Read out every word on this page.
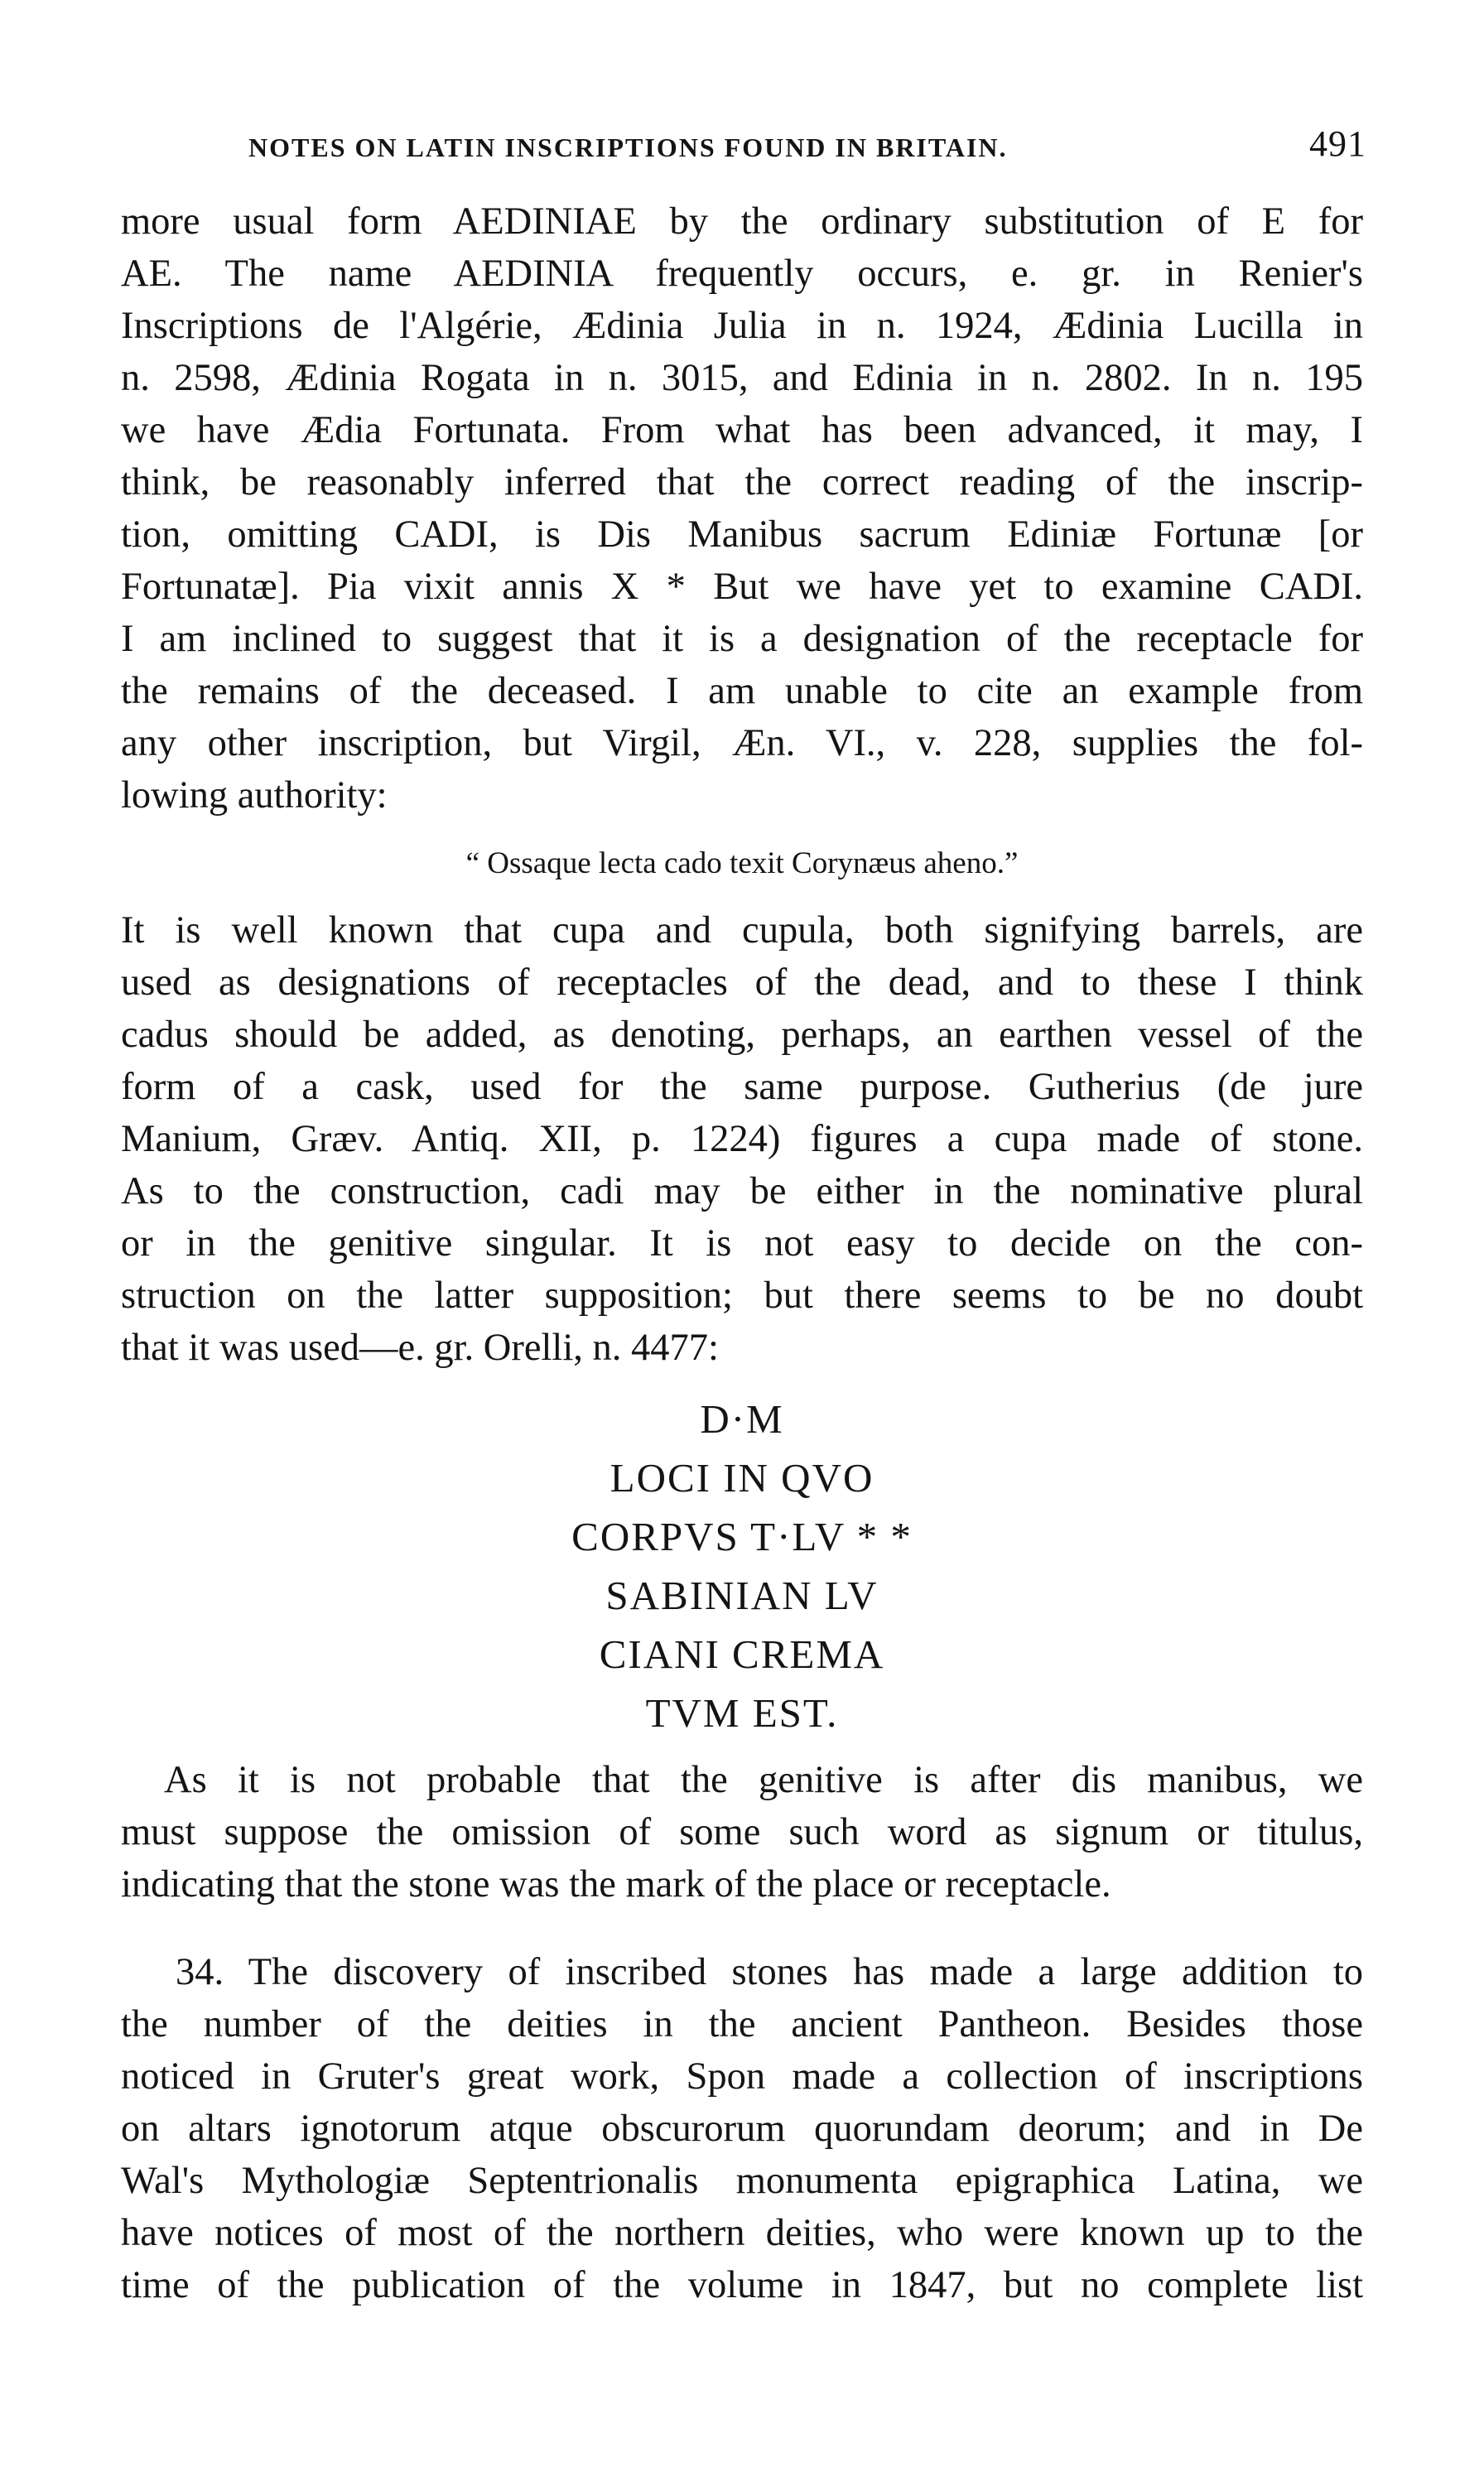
NOTES ON LATIN INSCRIPTIONS FOUND IN BRITAIN.	491

more usual form AEDINIAE by the ordinary substitution of E for

AE. The name AEDINIA frequently occurs, e. gr. in Renier's

Inscriptions de l'Algérie, Ædinia Julia in n. 1924, Ædinia Lucilla in

n. 2598, Ædinia Rogata in n. 3015, and Edinia in n. 2802. In n. 195

we have Ædia Fortunata. From what has been advanced, it may, I

think, be reasonably inferred that the correct reading of the inscrip-

tion, omitting CADI, is Dis Manibus sacrum Ediniæ Fortunæ [or

Fortunatæ]. Pia vixit annis X * But we have yet to examine CADI.

I am inclined to suggest that it is a designation of the receptacle for

the remains of the deceased. I am unable to cite an example from

any other inscription, but Virgil, Æn. VI., v. 228, supplies the fol-

lowing authority:

“ Ossaque lecta cado texit Corynæus aheno.”

It is well known that cupa and cupula, both signifying barrels, are

used as designations of receptacles of the dead, and to these I think

cadus should be added, as denoting, perhaps, an earthen vessel of the

form of a cask, used for the same purpose. Gutherius (de jure

Manium, Græv. Antiq. XII, p. 1224) figures a cupa made of stone.

As to the construction, cadi may be either in the nominative plural

or in the genitive singular. It is not easy to decide on the con-

struction on the latter supposition; but there seems to be no doubt

that it was used—e. gr. Orelli, n. 4477:

D·M
LOCI IN QVO
CORPVS T·LV * *
SABINIAN LV
CIANI CREMA
TVM EST.

As it is not probable that the genitive is after dis manibus, we

must suppose the omission of some such word as signum or titulus,

indicating that the stone was the mark of the place or receptacle.

34. The discovery of inscribed stones has made a large addition to

the number of the deities in the ancient Pantheon. Besides those

noticed in Gruter's great work, Spon made a collection of inscriptions

on altars ignotorum atque obscurorum quorundam deorum; and in De

Wal's Mythologiæ Septentrionalis monumenta epigraphica Latina, we

have notices of most of the northern deities, who were known up to the

time of the publication of the volume in 1847, but no complete list
